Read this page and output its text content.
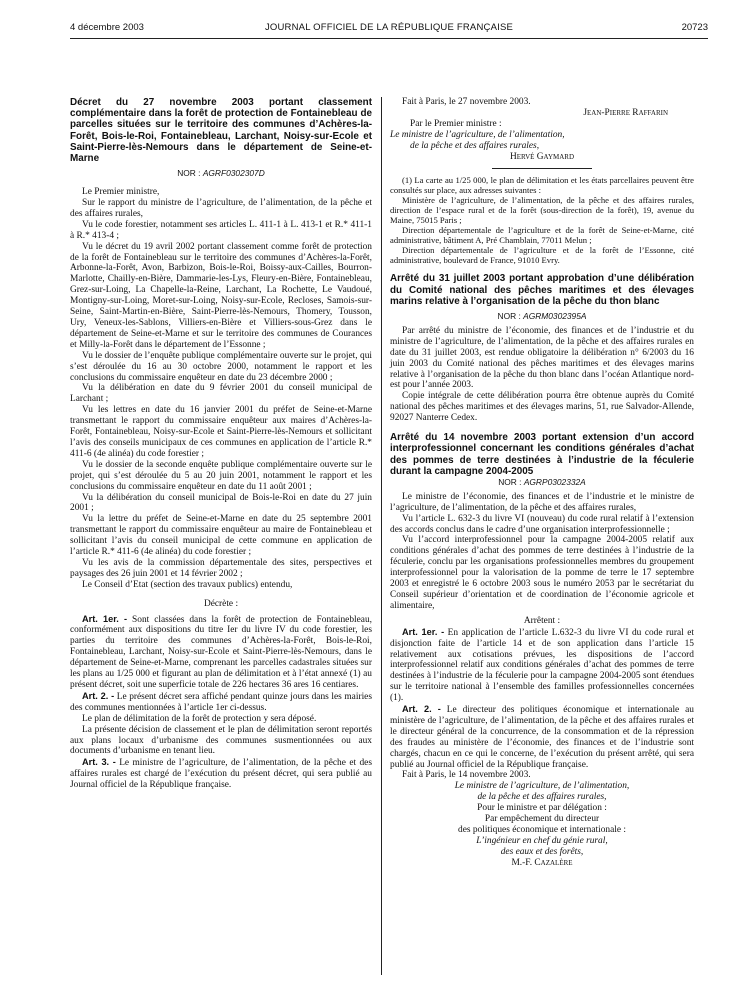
4 décembre 2003	JOURNAL OFFICIEL DE LA RÉPUBLIQUE FRANÇAISE	20723

Décret du 27 novembre 2003 portant classement complémentaire dans la forêt de protection de Fontainebleau de parcelles situées sur le territoire des communes d’Achères-la-Forêt, Bois-le-Roi, Fontainebleau, Larchant, Noisy-sur-Ecole et Saint-Pierre-lès-Nemours dans le département de Seine-et-Marne

NOR : AGRF0302307D

Le Premier ministre,

Sur le rapport du ministre de l’agriculture, de l’alimentation, de la pêche et des affaires rurales,

Vu le code forestier, notamment ses articles L. 411-1 à L. 413-1 et R.* 411-1 à R.* 413-4 ;

Vu le décret du 19 avril 2002 portant classement comme forêt de protection de la forêt de Fontainebleau sur le territoire des communes d’Achères-la-Forêt, Arbonne-la-Forêt, Avon, Barbizon, Bois-le-Roi, Boissy-aux-Cailles, Bourron-Marlotte, Chailly-en-Bière, Dammarie-les-Lys, Fleury-en-Bière, Fontainebleau, Grez-sur-Loing, La Chapelle-la-Reine, Larchant, La Rochette, Le Vaudoué, Montigny-sur-Loing, Moret-sur-Loing, Noisy-sur-Ecole, Recloses, Samois-sur-Seine, Saint-Martin-en-Bière, Saint-Pierre-lès-Nemours, Thomery, Tousson, Ury, Veneux-les-Sablons, Villiers-en-Bière et Villiers-sous-Grez dans le département de Seine-et-Marne et sur le territoire des communes de Courances et Milly-la-Forêt dans le département de l’Essonne ;

Vu le dossier de l’enquête publique complémentaire ouverte sur le projet, qui s’est déroulée du 16 au 30 octobre 2000, notamment le rapport et les conclusions du commissaire enquêteur en date du 23 décembre 2000 ;

Vu la délibération en date du 9 février 2001 du conseil municipal de Larchant ;

Vu les lettres en date du 16 janvier 2001 du préfet de Seine-et-Marne transmettant le rapport du commissaire enquêteur aux maires d’Achères-la-Forêt, Fontainebleau, Noisy-sur-Ecole et Saint-Pierre-lès-Nemours et sollicitant l’avis des conseils municipaux de ces communes en application de l’article R.* 411-6 (4e alinéa) du code forestier ;

Vu le dossier de la seconde enquête publique complémentaire ouverte sur le projet, qui s’est déroulée du 5 au 20 juin 2001, notamment le rapport et les conclusions du commissaire enquêteur en date du 11 août 2001 ;

Vu la délibération du conseil municipal de Bois-le-Roi en date du 27 juin 2001 ;

Vu la lettre du préfet de Seine-et-Marne en date du 25 septembre 2001 transmettant le rapport du commissaire enquêteur au maire de Fontainebleau et sollicitant l’avis du conseil municipal de cette commune en application de l’article R.* 411-6 (4e alinéa) du code forestier ;

Vu les avis de la commission départementale des sites, perspectives et paysages des 26 juin 2001 et 14 février 2002 ;

Le Conseil d’Etat (section des travaux publics) entendu,

Décrète :

Art. 1er. - Sont classées dans la forêt de protection de Fontainebleau, conformément aux dispositions du titre Ier du livre IV du code forestier, les parties du territoire des communes d’Achères-la-Forêt, Bois-le-Roi, Fontainebleau, Larchant, Noisy-sur-Ecole et Saint-Pierre-lès-Nemours, dans le département de Seine-et-Marne, comprenant les parcelles cadastrales situées sur les plans au 1/25 000 et figurant au plan de délimitation et à l’état annexé (1) au présent décret, soit une superficie totale de 226 hectares 36 ares 16 centiares.

Art. 2. - Le présent décret sera affiché pendant quinze jours dans les mairies des communes mentionnées à l’article 1er ci-dessus.

Le plan de délimitation de la forêt de protection y sera déposé.

La présente décision de classement et le plan de délimitation seront reportés aux plans locaux d’urbanisme des communes susmentionnées ou aux documents d’urbanisme en tenant lieu.

Art. 3. - Le ministre de l’agriculture, de l’alimentation, de la pêche et des affaires rurales est chargé de l’exécution du présent décret, qui sera publié au Journal officiel de la République française.

Fait à Paris, le 27 novembre 2003.

Jean-Pierre Raffarin

Par le Premier ministre :

Le ministre de l’agriculture, de l’alimentation,

de la pêche et des affaires rurales,

Hervé Gaymard

(1) La carte au 1/25 000, le plan de délimitation et les états parcellaires peuvent être consultés sur place, aux adresses suivantes :

Ministère de l’agriculture, de l’alimentation, de la pêche et des affaires rurales, direction de l’espace rural et de la forêt (sous-direction de la forêt), 19, avenue du Maine, 75015 Paris ;

Direction départementale de l’agriculture et de la forêt de Seine-et-Marne, cité administrative, bâtiment A, Pré Chamblain, 77011 Melun ;

Direction départementale de l’agriculture et de la forêt de l’Essonne, cité administrative, boulevard de France, 91010 Evry.

Arrêté du 31 juillet 2003 portant approbation d’une délibération du Comité national des pêches maritimes et des élevages marins relative à l’organisation de la pêche du thon blanc

NOR : AGRM0302395A

Par arrêté du ministre de l’économie, des finances et de l’industrie et du ministre de l’agriculture, de l’alimentation, de la pêche et des affaires rurales en date du 31 juillet 2003, est rendue obligatoire la délibération n° 6/2003 du 16 juin 2003 du Comité national des pêches maritimes et des élevages marins relative à l’organisation de la pêche du thon blanc dans l’océan Atlantique nord-est pour l’année 2003.

Copie intégrale de cette délibération pourra être obtenue auprès du Comité national des pêches maritimes et des élevages marins, 51, rue Salvador-Allende, 92027 Nanterre Cedex.

Arrêté du 14 novembre 2003 portant extension d’un accord interprofessionnel concernant les conditions générales d’achat des pommes de terre destinées à l’industrie de la féculerie durant la campagne 2004-2005

NOR : AGRP0302332A

Le ministre de l’économie, des finances et de l’industrie et le ministre de l’agriculture, de l’alimentation, de la pêche et des affaires rurales,

Vu l’article L. 632-3 du livre VI (nouveau) du code rural relatif à l’extension des accords conclus dans le cadre d’une organisation interprofessionnelle ;

Vu l’accord interprofessionnel pour la campagne 2004-2005 relatif aux conditions générales d’achat des pommes de terre destinées à l’industrie de la féculerie, conclu par les organisations professionnelles membres du groupement interprofessionnel pour la valorisation de la pomme de terre le 17 septembre 2003 et enregistré le 6 octobre 2003 sous le numéro 2053 par le secrétariat du Conseil supérieur d’orientation et de coordination de l’économie agricole et alimentaire,

Arrêtent :

Art. 1er. - En application de l’article L.632-3 du livre VI du code rural et disjonction faite de l’article 14 et de son application dans l’article 15 relativement aux cotisations prévues, les dispositions de l’accord interprofessionnel relatif aux conditions générales d’achat des pommes de terre destinées à l’industrie de la féculerie pour la campagne 2004-2005 sont étendues sur le territoire national à l’ensemble des familles professionnelles concernées (1).

Art. 2. - Le directeur des politiques économique et internationale au ministère de l’agriculture, de l’alimentation, de la pêche et des affaires rurales et le directeur général de la concurrence, de la consommation et de la répression des fraudes au ministère de l’économie, des finances et de l’industrie sont chargés, chacun en ce qui le concerne, de l’exécution du présent arrêté, qui sera publié au Journal officiel de la République française.

Fait à Paris, le 14 novembre 2003.

Le ministre de l’agriculture, de l’alimentation,

de la pêche et des affaires rurales,

Pour le ministre et par délégation :

Par empêchement du directeur

des politiques économique et internationale :

L’ingénieur en chef du génie rural,

des eaux et des forêts,

M.-F. Cazalère
